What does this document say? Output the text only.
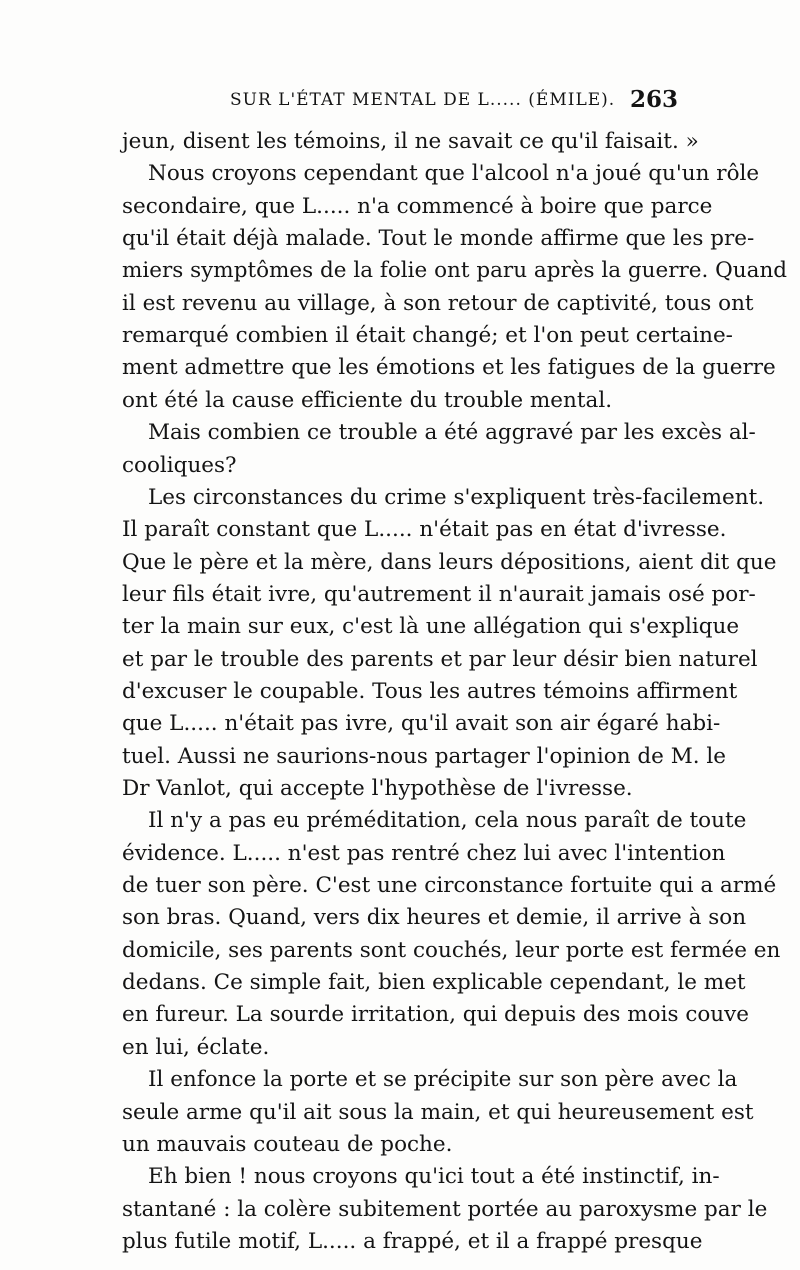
SUR L'ÉTAT MENTAL DE L..... (ÉMILE). 263
jeun, disent les témoins, il ne savait ce qu'il faisait. »
Nous croyons cependant que l'alcool n'a joué qu'un rôle
secondaire, que L..... n'a commencé à boire que parce
qu'il était déjà malade. Tout le monde affirme que les pre-
miers symptômes de la folie ont paru après la guerre. Quand
il est revenu au village, à son retour de captivité, tous ont
remarqué combien il était changé; et l'on peut certaine-
ment admettre que les émotions et les fatigues de la guerre
ont été la cause efficiente du trouble mental.
Mais combien ce trouble a été aggravé par les excès al-
cooliques?
Les circonstances du crime s'expliquent très-facilement.
Il paraît constant que L..... n'était pas en état d'ivresse.
Que le père et la mère, dans leurs dépositions, aient dit que
leur fils était ivre, qu'autrement il n'aurait jamais osé por-
ter la main sur eux, c'est là une allégation qui s'explique
et par le trouble des parents et par leur désir bien naturel
d'excuser le coupable. Tous les autres témoins affirment
que L..... n'était pas ivre, qu'il avait son air égaré habi-
tuel. Aussi ne saurions-nous partager l'opinion de M. le
Dr Vanlot, qui accepte l'hypothèse de l'ivresse.
Il n'y a pas eu préméditation, cela nous paraît de toute
évidence. L..... n'est pas rentré chez lui avec l'intention
de tuer son père. C'est une circonstance fortuite qui a armé
son bras. Quand, vers dix heures et demie, il arrive à son
domicile, ses parents sont couchés, leur porte est fermée en
dedans. Ce simple fait, bien explicable cependant, le met
en fureur. La sourde irritation, qui depuis des mois couve
en lui, éclate.
Il enfonce la porte et se précipite sur son père avec la
seule arme qu'il ait sous la main, et qui heureusement est
un mauvais couteau de poche.
Eh bien ! nous croyons qu'ici tout a été instinctif, in-
stantané : la colère subitement portée au paroxysme par le
plus futile motif, L..... a frappé, et il a frappé presque
